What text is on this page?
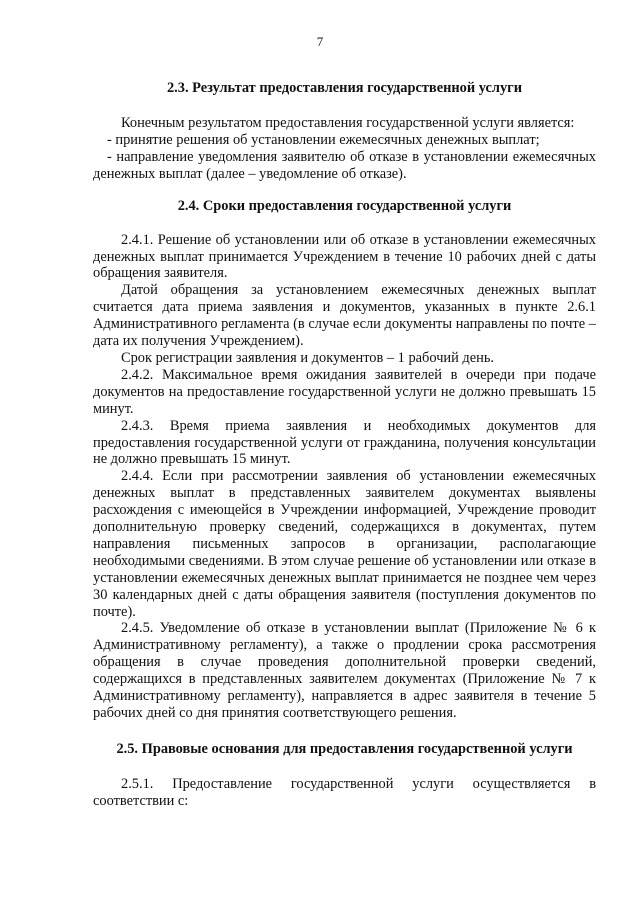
7
2.3. Результат предоставления государственной услуги

Конечным результатом предоставления государственной услуги является:

- принятие решения об установлении ежемесячных денежных выплат;

- направление уведомления заявителю об отказе в установлении ежемесячных денежных выплат (далее – уведомление об отказе).

2.4. Сроки предоставления государственной услуги

2.4.1. Решение об установлении или об отказе в установлении ежемесячных денежных выплат принимается Учреждением в течение 10 рабочих дней с даты обращения заявителя.

Датой обращения за установлением ежемесячных денежных выплат считается дата приема заявления и документов, указанных в пункте 2.6.1 Административного регламента (в случае если документы направлены по почте – дата их получения Учреждением).

Срок регистрации заявления и документов – 1 рабочий день.

2.4.2. Максимальное время ожидания заявителей в очереди при подаче документов на предоставление государственной услуги не должно превышать 15 минут.

2.4.3. Время приема заявления и необходимых документов для предоставления государственной услуги от гражданина, получения консультации не должно превышать 15 минут.

2.4.4. Если при рассмотрении заявления об установлении ежемесячных денежных выплат в представленных заявителем документах выявлены расхождения с имеющейся в Учреждении информацией, Учреждение проводит дополнительную проверку сведений, содержащихся в документах, путем направления письменных запросов в организации, располагающие необходимыми сведениями. В этом случае решение об установлении или отказе в установлении ежемесячных денежных выплат принимается не позднее чем через 30 календарных дней с даты обращения заявителя (поступления документов по почте).

2.4.5. Уведомление об отказе в установлении выплат (Приложение № 6 к Административному регламенту), а также о продлении срока рассмотрения обращения в случае проведения дополнительной проверки сведений, содержащихся в представленных заявителем документах (Приложение № 7 к Административному регламенту), направляется в адрес заявителя в течение 5 рабочих дней со дня принятия соответствующего решения.

2.5. Правовые основания для предоставления государственной услуги

2.5.1. Предоставление государственной услуги осуществляется в соответствии с:
